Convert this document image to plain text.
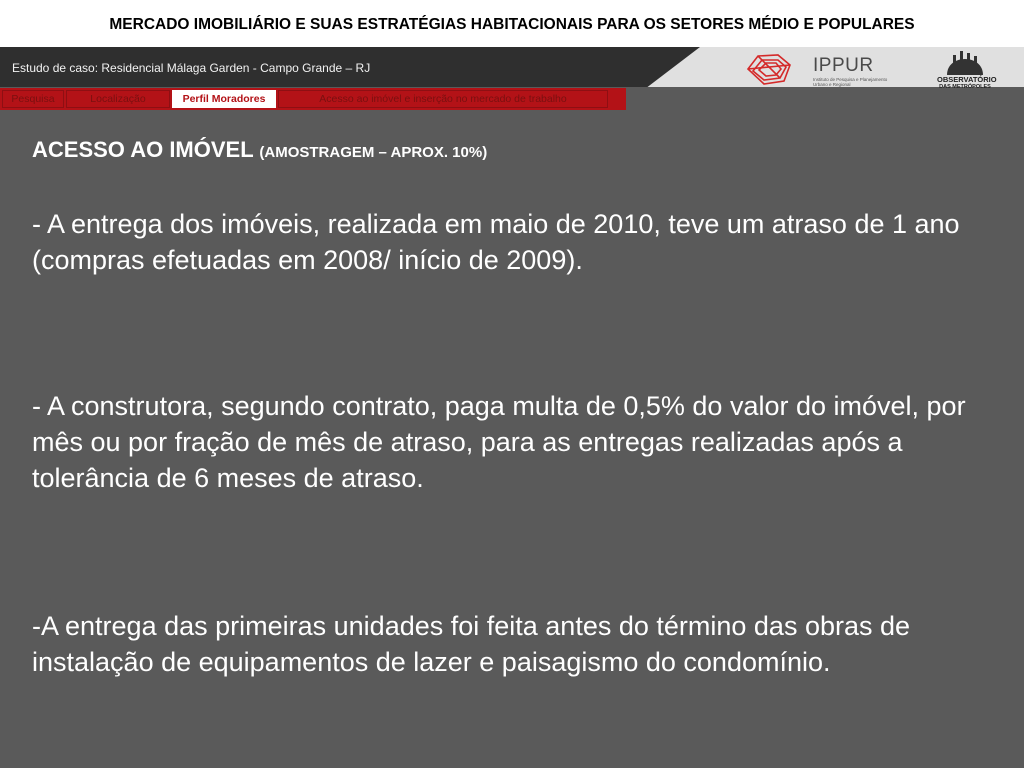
MERCADO IMOBILIÁRIO E SUAS ESTRATÉGIAS HABITACIONAIS PARA OS SETORES MÉDIO E POPULARES
Estudo de caso: Residencial Málaga Garden - Campo Grande – RJ	IPPUR
Instituto de Pesquisa e Planejamento Urbano e Regional
OBSERVATÓRIO
DAS METRÓPOLES
Pesquisa	Localização	Perfil Moradores	Acesso ao imóvel e inserção no mercado de trabalho
ACESSO AO IMÓVEL (AMOSTRAGEM – APROX. 10%)
- A entrega dos imóveis, realizada em maio de 2010, teve um atraso de 1 ano (compras efetuadas em 2008/ início de 2009).
- A construtora, segundo contrato, paga multa de 0,5% do valor do imóvel, por mês ou por fração de mês de atraso, para as entregas realizadas após a tolerância de 6 meses de atraso.
-A entrega das primeiras unidades foi feita antes do término das obras de instalação de equipamentos de lazer e paisagismo do condomínio.
